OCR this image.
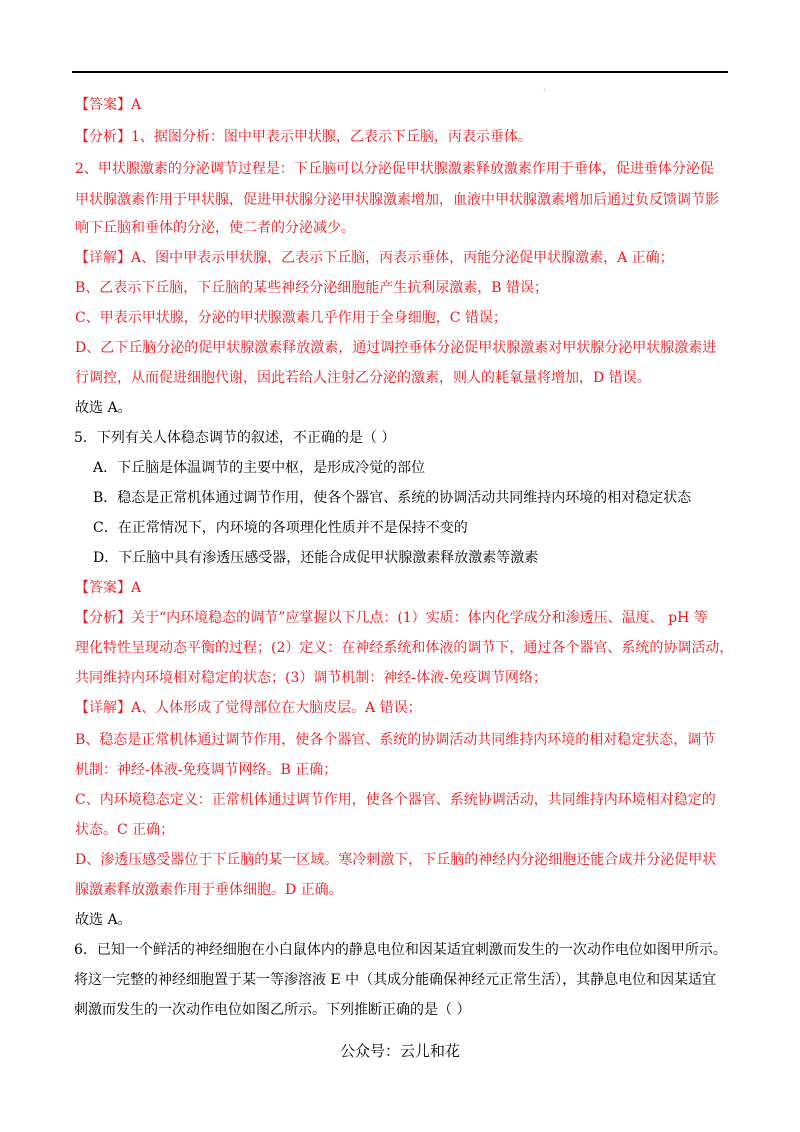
·
【答案】A
【分析】1、据图分析：图中甲表示甲状腺，乙表示下丘脑，丙表示垂体。
2、甲状腺激素的分泌调节过程是：下丘脑可以分泌促甲状腺激素释放激素作用于垂体，促进垂体分泌促
甲状腺激素作用于甲状腺，促进甲状腺分泌甲状腺激素增加，血液中甲状腺激素增加后通过负反馈调节影
响下丘脑和垂体的分泌，使二者的分泌减少。
【详解】A、图中甲表示甲状腺，乙表示下丘脑，丙表示垂体，丙能分泌促甲状腺激素，A 正确；
B、乙表示下丘脑，下丘脑的某些神经分泌细胞能产生抗利尿激素，B 错误；
C、甲表示甲状腺，分泌的甲状腺激素几乎作用于全身细胞，C 错误；
D、乙下丘脑分泌的促甲状腺激素释放激素，通过调控垂体分泌促甲状腺激素对甲状腺分泌甲状腺激素进
行调控，从而促进细胞代谢，因此若给人注射乙分泌的激素，则人的耗氧量将增加，D 错误。
故选 A。
5．下列有关人体稳态调节的叙述，不正确的是（ ）
A．下丘脑是体温调节的主要中枢，是形成冷觉的部位
B．稳态是正常机体通过调节作用，使各个器官、系统的协调活动共同维持内环境的相对稳定状态
C．在正常情况下，内环境的各项理化性质并不是保持不变的
D．下丘脑中具有渗透压感受器，还能合成促甲状腺激素释放激素等激素
【答案】A
【分析】关于“内环境稳态的调节”应掌握以下几点：(1）实质：体内化学成分和渗透压、温度、 pH 等
理化特性呈现动态平衡的过程；(2）定义：在神经系统和体液的调节下，通过各个器官、系统的协调活动，
共同维持内环境相对稳定的状态；(3）调节机制：神经-体液-免疫调节网络；
【详解】A、人体形成了觉得部位在大脑皮层。A 错误；
B、稳态是正常机体通过调节作用，使各个器官、系统的协调活动共同维持内环境的相对稳定状态，调节
机制：神经-体液-免疫调节网络。B 正确；
C、内环境稳态定义：正常机体通过调节作用，使各个器官、系统协调活动，共同维持内环境相对稳定的
状态。C 正确；
D、渗透压感受器位于下丘脑的某一区域。寒冷刺激下，下丘脑的神经内分泌细胞还能合成并分泌促甲状
腺激素释放激素作用于垂体细胞。D 正确。
故选 A。
6．已知一个鲜活的神经细胞在小白鼠体内的静息电位和因某适宜刺激而发生的一次动作电位如图甲所示。
将这一完整的神经细胞置于某一等渗溶液 E 中（其成分能确保神经元正常生活），其静息电位和因某适宜
刺激而发生的一次动作电位如图乙所示。下列推断正确的是（ ）
公众号：云儿和花
